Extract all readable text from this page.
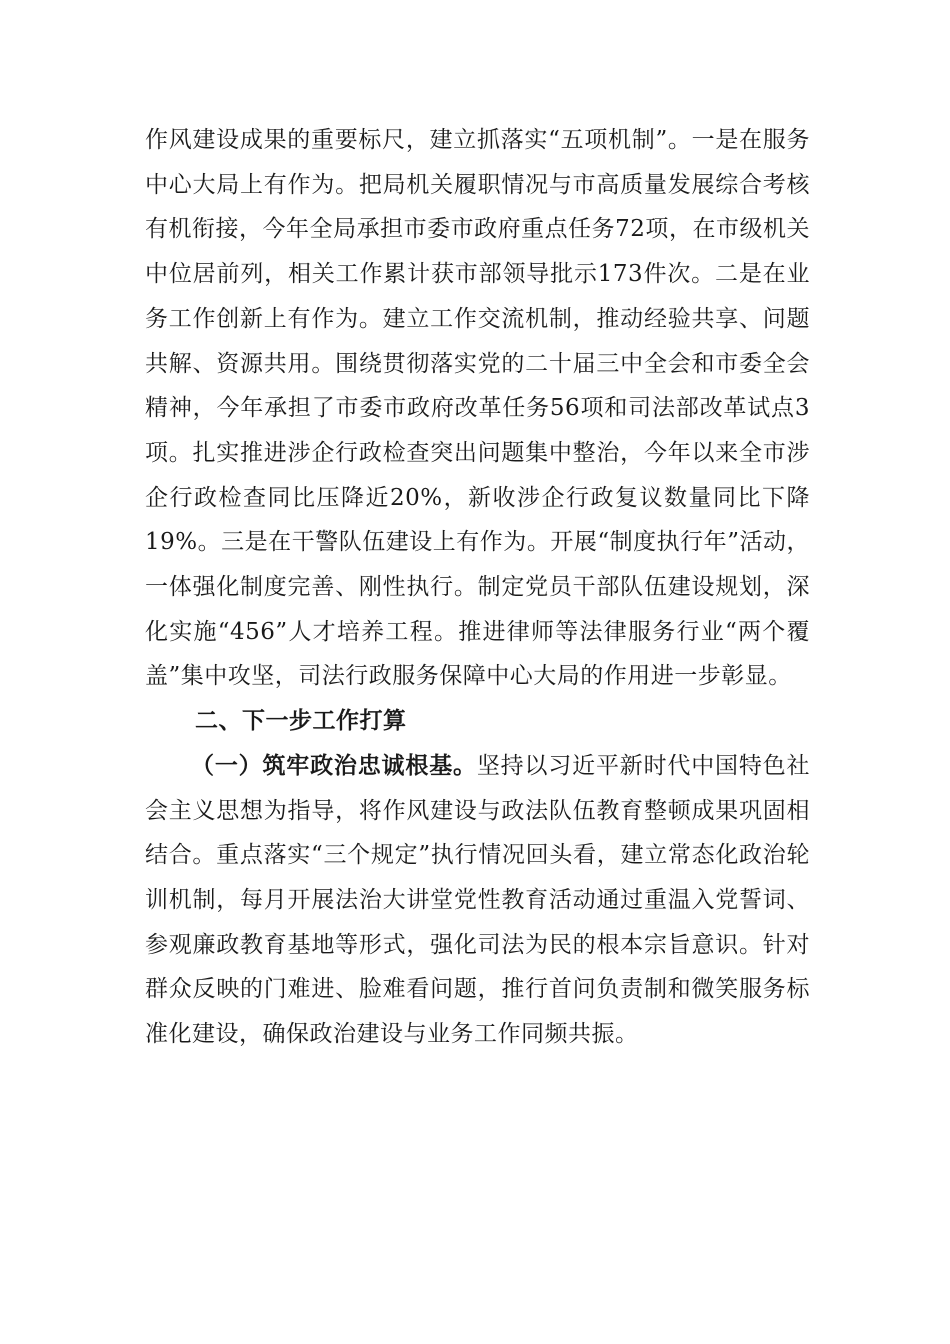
作风建设成果的重要标尺，建立抓落实“五项机制”。一是在服务中心大局上有作为。把局机关履职情况与市高质量发展综合考核有机衔接，今年全局承担市委市政府重点任务72项，在市级机关中位居前列，相关工作累计获市部领导批示173件次。二是在业务工作创新上有作为。建立工作交流机制，推动经验共享、问题共解、资源共用。围绕贯彻落实党的二十届三中全会和市委全会精神，今年承担了市委市政府改革任务56项和司法部改革试点3项。扎实推进涉企行政检查突出问题集中整治，今年以来全市涉企行政检查同比压降近20%，新收涉企行政复议数量同比下降19%。三是在干警队伍建设上有作为。开展“制度执行年”活动，一体强化制度完善、刚性执行。制定党员干部队伍建设规划，深化实施“456”人才培养工程。推进律师等法律服务行业“两个覆盖”集中攻坚，司法行政服务保障中心大局的作用进一步彰显。

二、下一步工作打算

（一）筑牢政治忠诚根基。坚持以习近平新时代中国特色社会主义思想为指导，将作风建设与政法队伍教育整顿成果巩固相结合。重点落实“三个规定”执行情况回头看，建立常态化政治轮训机制，每月开展法治大讲堂党性教育活动通过重温入党誓词、参观廉政教育基地等形式，强化司法为民的根本宗旨意识。针对群众反映的门难进、脸难看问题，推行首问负责制和微笑服务标准化建设，确保政治建设与业务工作同频共振。
